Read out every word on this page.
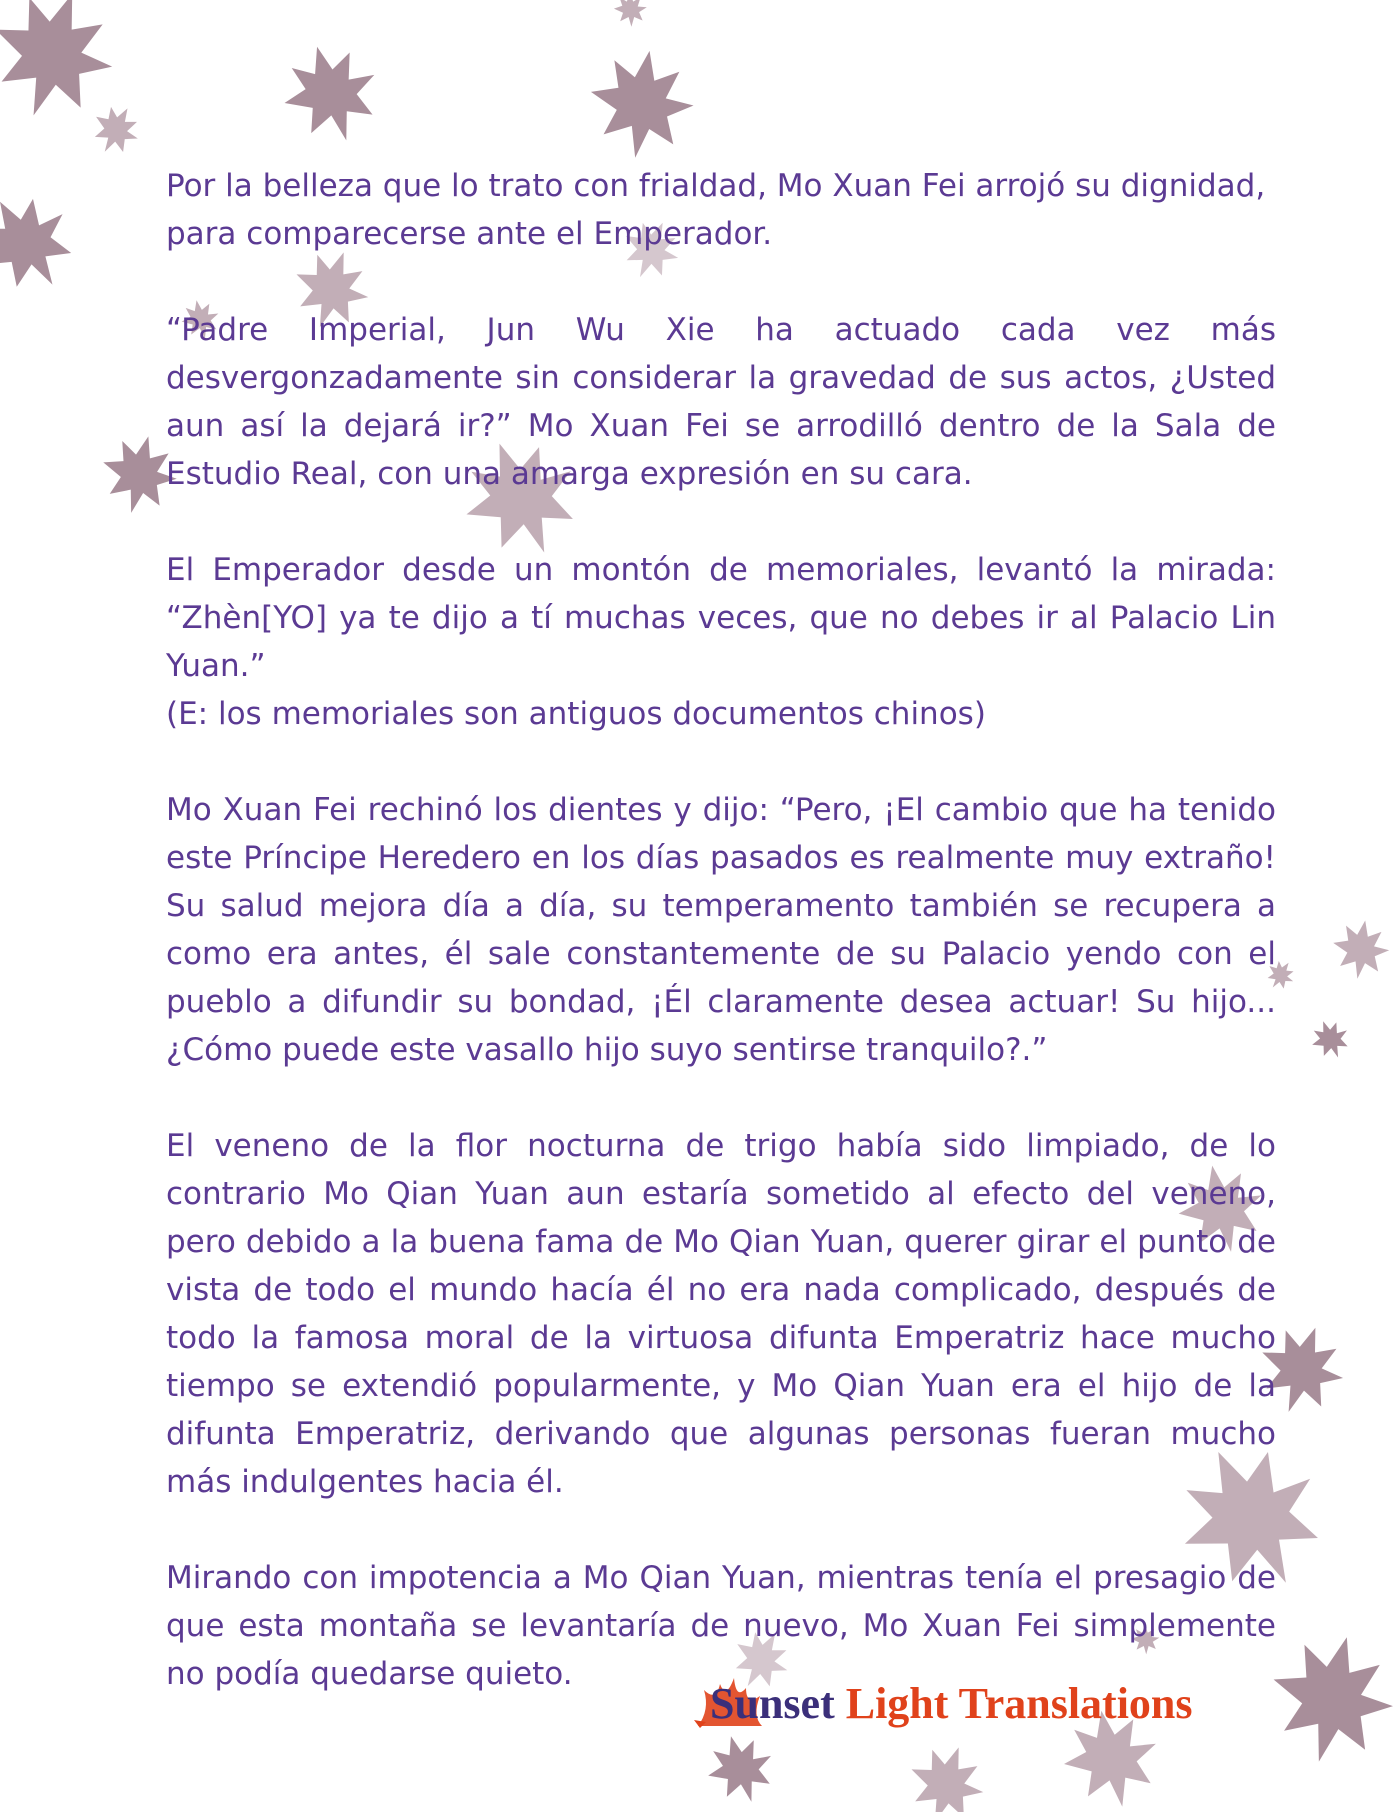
Por la belleza que lo trato con frialdad, Mo Xuan Fei arrojó su dignidad,
para comparecerse ante el Emperador.

“Padre Imperial, Jun Wu Xie ha actuado cada vez más desvergonzadamente sin considerar la gravedad de sus actos, ¿Usted aun así la dejará ir?” Mo Xuan Fei se arrodilló dentro de la Sala de Estudio Real, con una amarga expresión en su cara.

El Emperador desde un montón de memoriales, levantó la mirada: “Zhèn[YO] ya te dijo a tí muchas veces, que no debes ir al Palacio Lin Yuan.”
(E: los memoriales son antiguos documentos chinos)

Mo Xuan Fei rechinó los dientes y dijo: “Pero, ¡El cambio que ha tenido este Príncipe Heredero en los días pasados es realmente muy extraño! Su salud mejora día a día, su temperamento también se recupera a como era antes, él sale constantemente de su Palacio yendo con el pueblo a difundir su bondad, ¡Él claramente desea actuar! Su hijo...¿Cómo puede este vasallo hijo suyo sentirse tranquilo?.”

El veneno de la flor nocturna de trigo había sido limpiado, de lo contrario Mo Qian Yuan aun estaría sometido al efecto del veneno, pero debido a la buena fama de Mo Qian Yuan, querer girar el punto de vista de todo el mundo hacía él no era nada complicado, después de todo la famosa moral de la virtuosa difunta Emperatriz hace mucho tiempo se extendió popularmente, y Mo Qian Yuan era el hijo de la difunta Emperatriz, derivando que algunas personas fueran mucho más indulgentes hacia él.

Mirando con impotencia a Mo Qian Yuan, mientras tenía el presagio de que esta montaña se levantaría de nuevo, Mo Xuan Fei simplemente no podía quedarse quieto.

Sunset Light Translations
